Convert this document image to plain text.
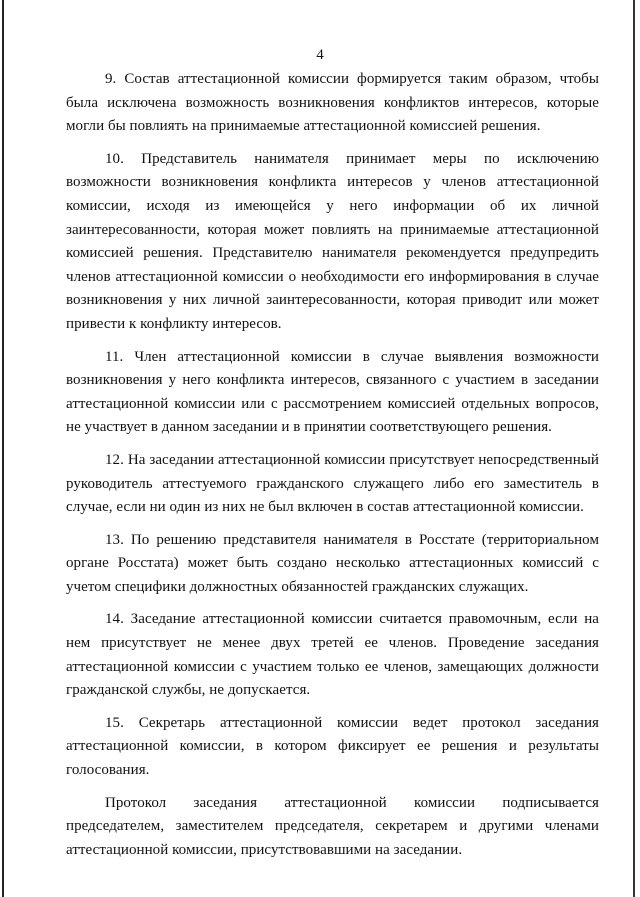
4

9. Состав аттестационной комиссии формируется таким образом, чтобы была исключена возможность возникновения конфликтов интересов, которые могли бы повлиять на принимаемые аттестационной комиссией решения.

10. Представитель нанимателя принимает меры по исключению возможности возникновения конфликта интересов у членов аттестационной комиссии, исходя из имеющейся у него информации об их личной заинтересованности, которая может повлиять на принимаемые аттестационной комиссией решения. Представителю нанимателя рекомендуется предупредить членов аттестационной комиссии о необходимости его информирования в случае возникновения у них личной заинтересованности, которая приводит или может привести к конфликту интересов.

11. Член аттестационной комиссии в случае выявления возможности возникновения у него конфликта интересов, связанного с участием в заседании аттестационной комиссии или с рассмотрением комиссией отдельных вопросов, не участвует в данном заседании и в принятии соответствующего решения.

12. На заседании аттестационной комиссии присутствует непосредственный руководитель аттестуемого гражданского служащего либо его заместитель в случае, если ни один из них не был включен в состав аттестационной комиссии.

13. По решению представителя нанимателя в Росстате (территориальном органе Росстата) может быть создано несколько аттестационных комиссий с учетом специфики должностных обязанностей гражданских служащих.

14. Заседание аттестационной комиссии считается правомочным, если на нем присутствует не менее двух третей ее членов. Проведение заседания аттестационной комиссии с участием только ее членов, замещающих должности гражданской службы, не допускается.

15. Секретарь аттестационной комиссии ведет протокол заседания аттестационной комиссии, в котором фиксирует ее решения и результаты голосования.

Протокол заседания аттестационной комиссии подписывается председателем, заместителем председателя, секретарем и другими членами аттестационной комиссии, присутствовавшими на заседании.
